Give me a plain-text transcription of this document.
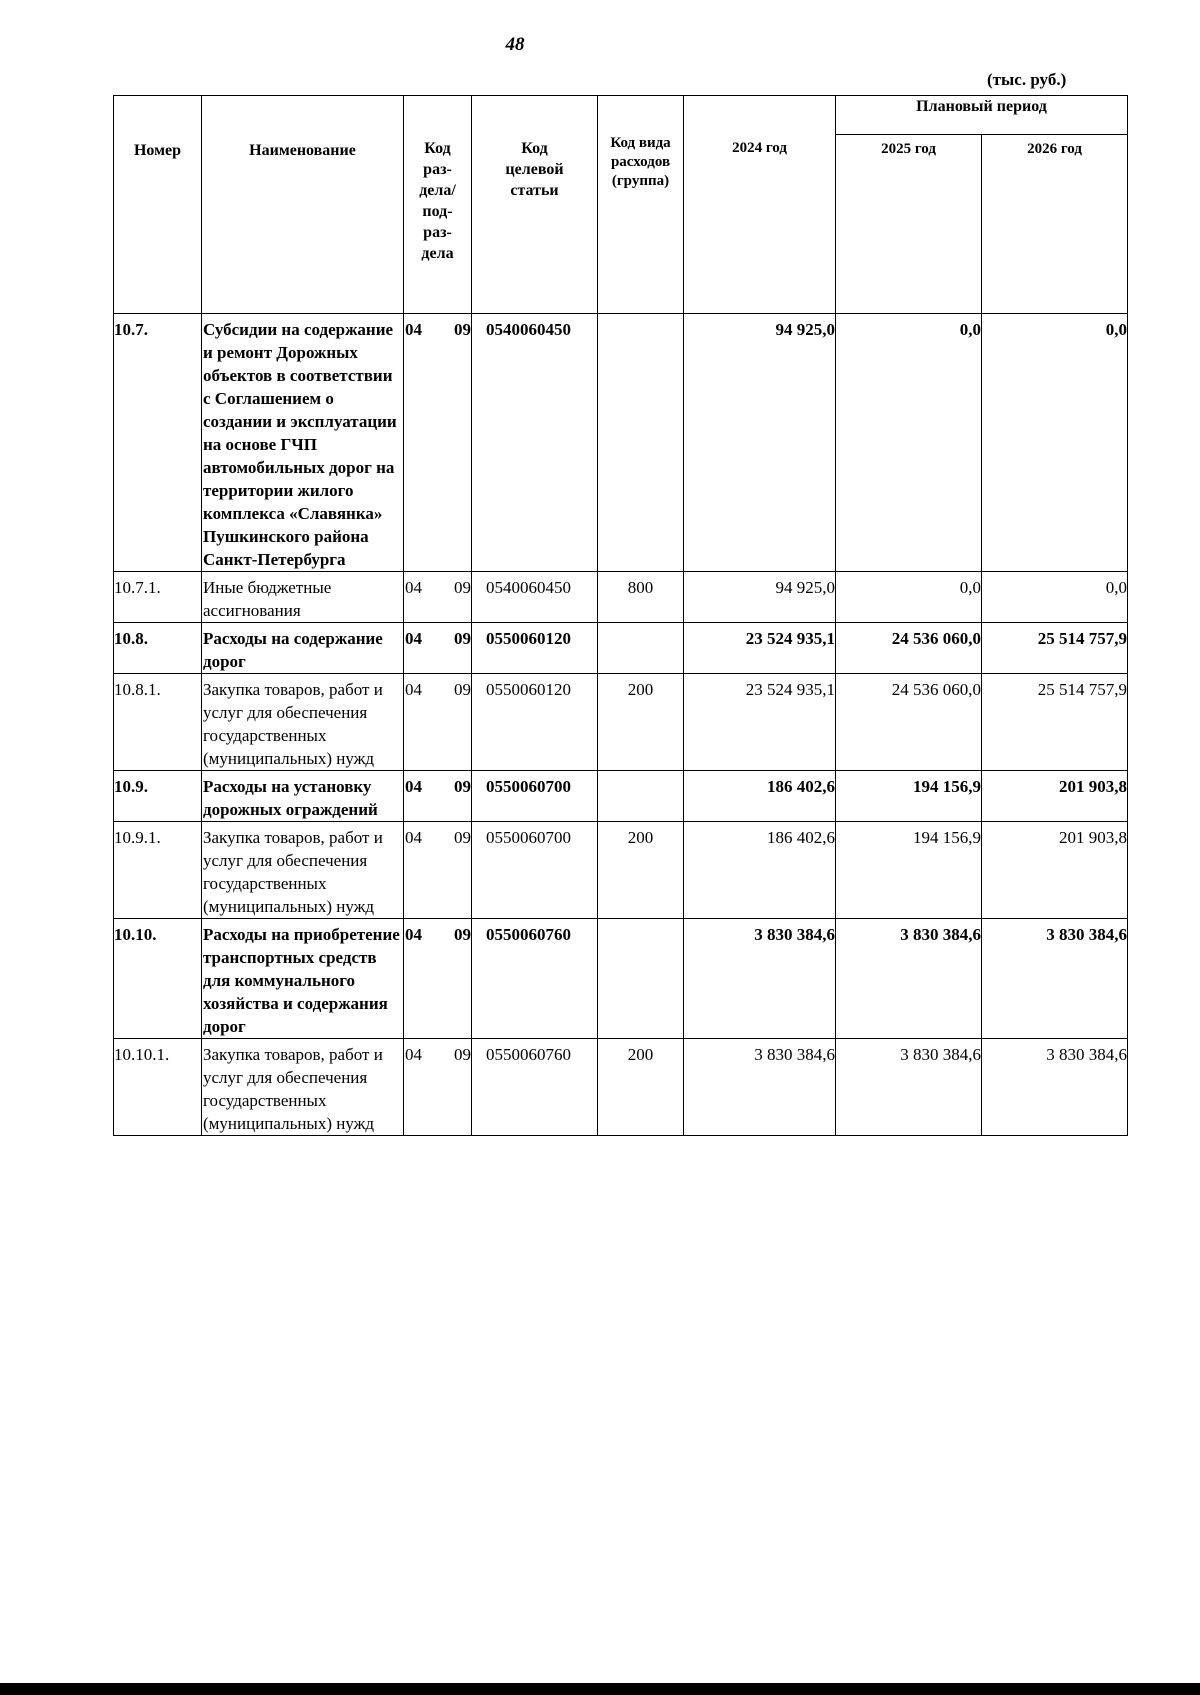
48
(тыс. руб.)
Номер	Наименование	Код раз- дела/ под- раз- дела	Код целевой статьи	Код вида расходов (группа)	2024 год	Плановый период	

						2025 год	2026 год

10.7.	Субсидии на содержание и ремонт Дорожных объектов в соответствии с Соглашением о создании и эксплуатации на основе ГЧП автомобильных дорог на территории жилого комплекса «Славянка» Пушкинского района Санкт-Петербурга	04 09	0540060450		94 925,0	0,0	0,0

10.7.1.	Иные бюджетные ассигнования	04 09	0540060450	800	94 925,0	0,0	0,0

10.8.	Расходы на содержание дорог	04 09	0550060120		23 524 935,1	24 536 060,0	25 514 757,9

10.8.1.	Закупка товаров, работ и услуг для обеспечения государственных (муниципальных) нужд	04 09	0550060120	200	23 524 935,1	24 536 060,0	25 514 757,9

10.9.	Расходы на установку дорожных ограждений	04 09	0550060700		186 402,6	194 156,9	201 903,8

10.9.1.	Закупка товаров, работ и услуг для обеспечения государственных (муниципальных) нужд	04 09	0550060700	200	186 402,6	194 156,9	201 903,8

10.10.	Расходы на приобретение транспортных средств для коммунального хозяйства и содержания дорог	04 09	0550060760		3 830 384,6	3 830 384,6	3 830 384,6

10.10.1.	Закупка товаров, работ и услуг для обеспечения государственных (муниципальных) нужд	04 09	0550060760	200	3 830 384,6	3 830 384,6	3 830 384,6
